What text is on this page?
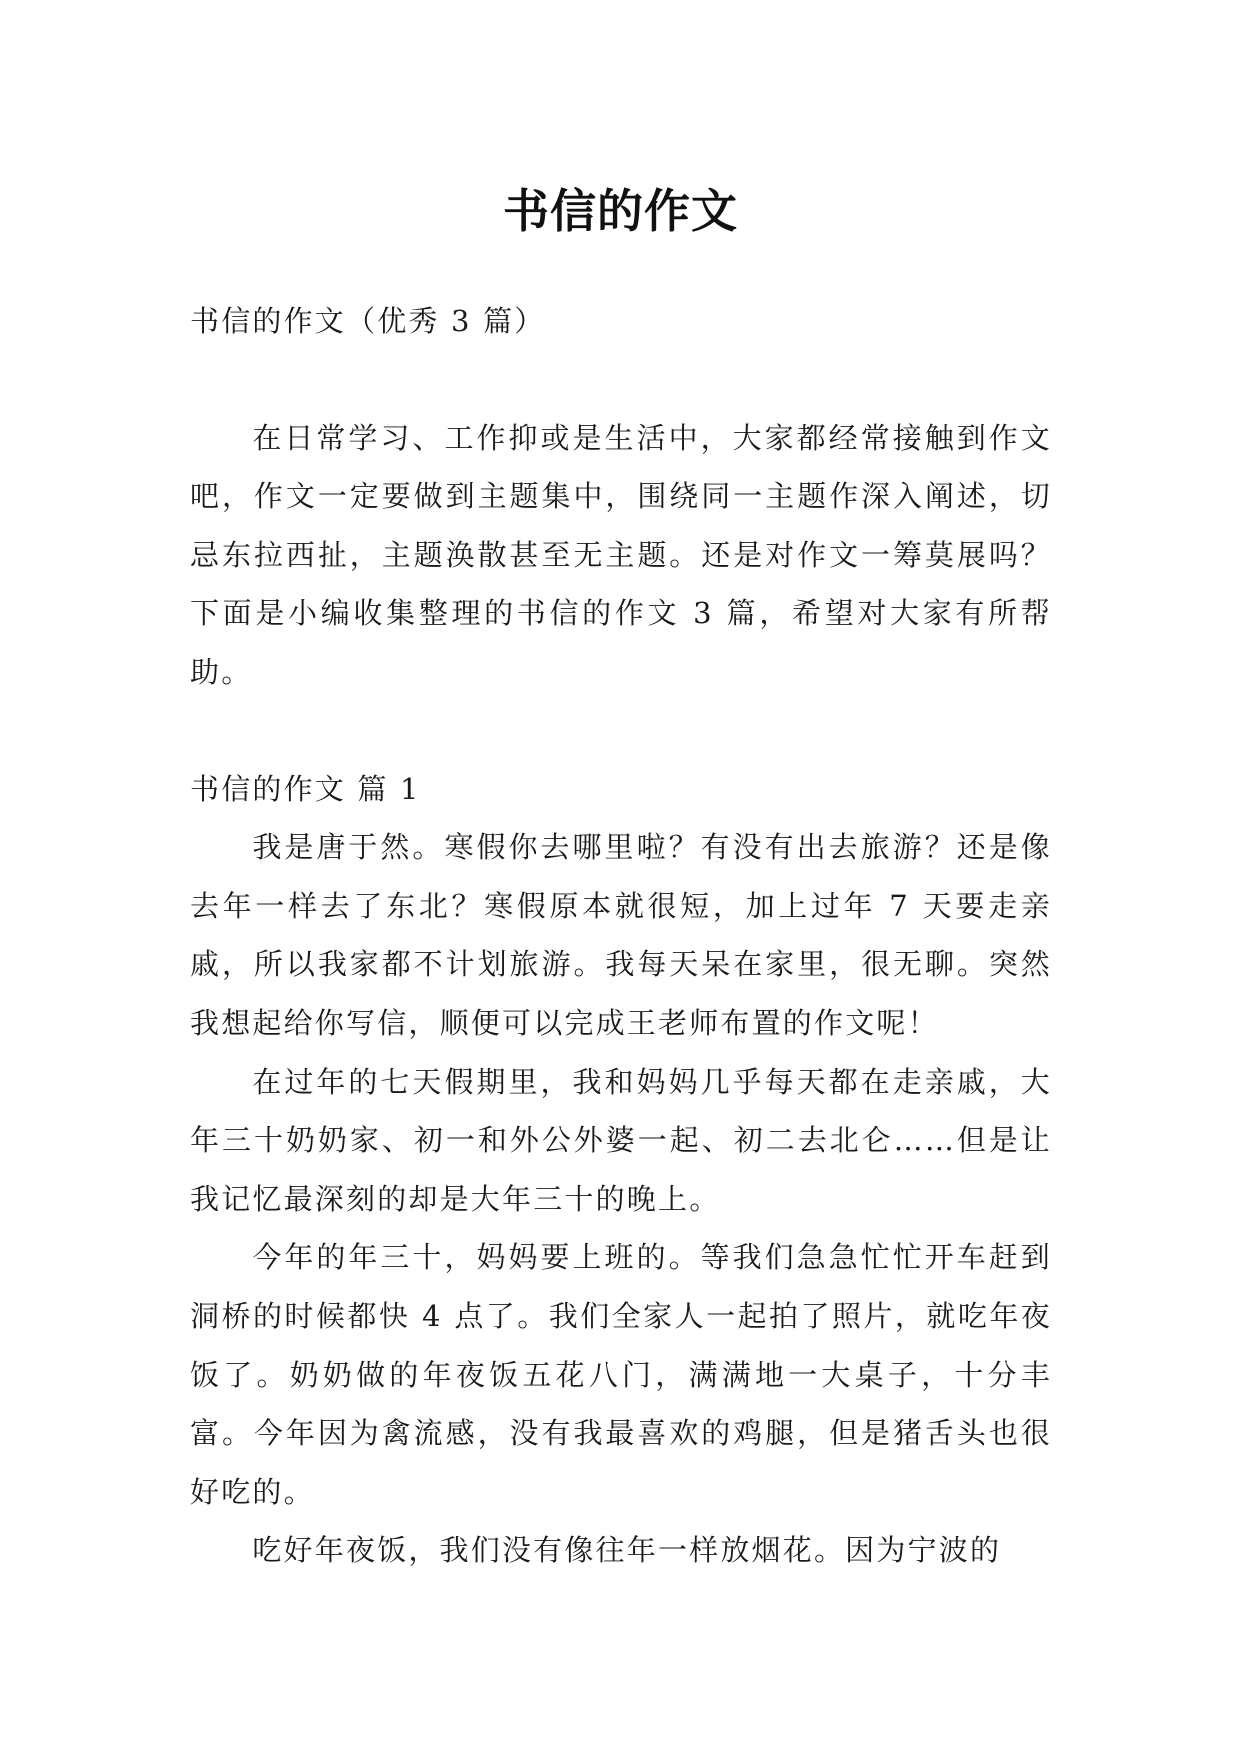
书信的作文

书信的作文（优秀 3 篇）

在日常学习、工作抑或是生活中，大家都经常接触到作文吧，作文一定要做到主题集中，围绕同一主题作深入阐述，切忌东拉西扯，主题涣散甚至无主题。还是对作文一筹莫展吗？下面是小编收集整理的书信的作文 3 篇，希望对大家有所帮助。

书信的作文 篇 1

我是唐于然。寒假你去哪里啦？有没有出去旅游？还是像去年一样去了东北？寒假原本就很短，加上过年 7 天要走亲戚，所以我家都不计划旅游。我每天呆在家里，很无聊。突然我想起给你写信，顺便可以完成王老师布置的作文呢！

在过年的七天假期里，我和妈妈几乎每天都在走亲戚，大年三十奶奶家、初一和外公外婆一起、初二去北仑……但是让我记忆最深刻的却是大年三十的晚上。

今年的年三十，妈妈要上班的。等我们急急忙忙开车赶到洞桥的时候都快 4 点了。我们全家人一起拍了照片，就吃年夜饭了。奶奶做的年夜饭五花八门，满满地一大桌子，十分丰富。今年因为禽流感，没有我最喜欢的鸡腿，但是猪舌头也很好吃的。

吃好年夜饭，我们没有像往年一样放烟花。因为宁波的
